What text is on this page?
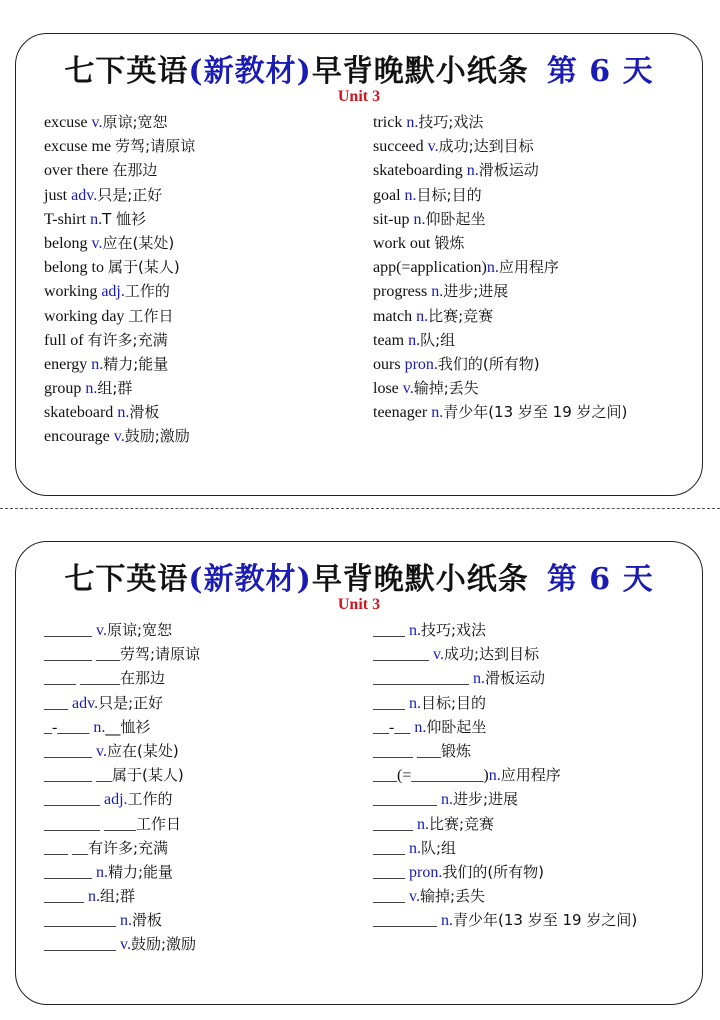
七下英语(新教材)早背晚默小纸条 第 6 天
Unit 3
excuse v.原谅;宽恕
excuse me 劳驾;请原谅
over there 在那边
just adv.只是;正好
T-shirt n.T 恤衫
belong v.应在(某处)
belong to 属于(某人)
working adj.工作的
working day 工作日
full of 有许多;充满
energy n.精力;能量
group n.组;群
skateboard n.滑板
encourage v.鼓励;激励
trick n.技巧;戏法
succeed v.成功;达到目标
skateboarding n.滑板运动
goal n.目标;目的
sit-up n.仰卧起坐
work out 锻炼
app(=application)n.应用程序
progress n.进步;进展
match n.比赛;竞赛
team n.队;组
ours pron.我们的(所有物)
lose v.输掉;丢失
teenager n.青少年(13 岁至 19 岁之间)
七下英语(新教材)早背晚默小纸条 第 6 天
Unit 3
______ v.原谅;宽恕
______ ___劳驾;请原谅
____ _____在那边
___ adv.只是;正好
_-____ n.__恤衫
______ v.应在(某处)
______ __属于(某人)
_______ adj.工作的
_______ ____工作日
___ __有许多;充满
______ n.精力;能量
_____ n.组;群
_________ n.滑板
_________ v.鼓励;激励
____ n.技巧;戏法
_______ v.成功;达到目标
____________ n.滑板运动
____ n.目标;目的
__-__ n.仰卧起坐
_____ ___锻炼
___(=_________)n.应用程序
________ n.进步;进展
_____ n.比赛;竞赛
____ n.队;组
____ pron.我们的(所有物)
____ v.输掉;丢失
________ n.青少年(13 岁至 19 岁之间)
